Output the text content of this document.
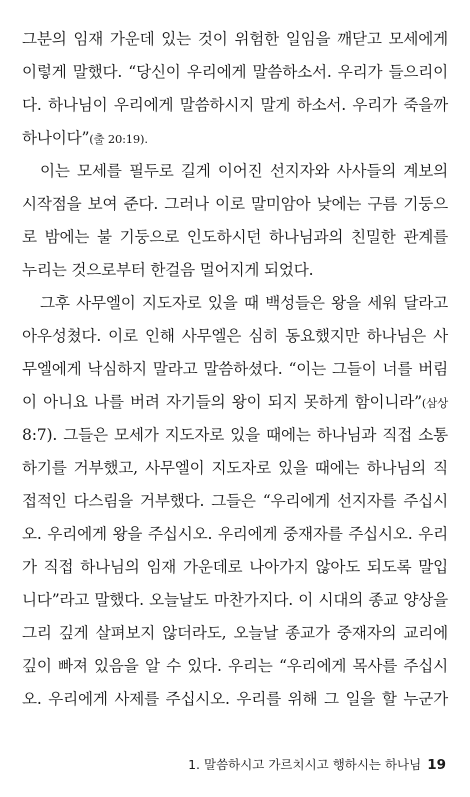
그분의 임재 가운데 있는 것이 위험한 일임을 깨닫고 모세에게
이렇게 말했다. “당신이 우리에게 말씀하소서. 우리가 들으리이
다. 하나님이 우리에게 말씀하시지 말게 하소서. 우리가 죽을까
하나이다”(출 20:19).
이는 모세를 필두로 길게 이어진 선지자와 사사들의 계보의
시작점을 보여 준다. 그러나 이로 말미암아 낮에는 구름 기둥으
로 밤에는 불 기둥으로 인도하시던 하나님과의 친밀한 관계를
누리는 것으로부터 한걸음 멀어지게 되었다.
그후 사무엘이 지도자로 있을 때 백성들은 왕을 세워 달라고
아우성쳤다. 이로 인해 사무엘은 심히 동요했지만 하나님은 사
무엘에게 낙심하지 말라고 말씀하셨다. “이는 그들이 너를 버림
이 아니요 나를 버려 자기들의 왕이 되지 못하게 함이니라”(삼상
8:7). 그들은 모세가 지도자로 있을 때에는 하나님과 직접 소통
하기를 거부했고, 사무엘이 지도자로 있을 때에는 하나님의 직
접적인 다스림을 거부했다. 그들은 “우리에게 선지자를 주십시
오. 우리에게 왕을 주십시오. 우리에게 중재자를 주십시오. 우리
가 직접 하나님의 임재 가운데로 나아가지 않아도 되도록 말입
니다”라고 말했다. 오늘날도 마찬가지다. 이 시대의 종교 양상을
그리 깊게 살펴보지 않더라도, 오늘날 종교가 중재자의 교리에
깊이 빠져 있음을 알 수 있다. 우리는 “우리에게 목사를 주십시
오. 우리에게 사제를 주십시오. 우리를 위해 그 일을 할 누군가
1. 말씀하시고 가르치시고 행하시는 하나님 19
